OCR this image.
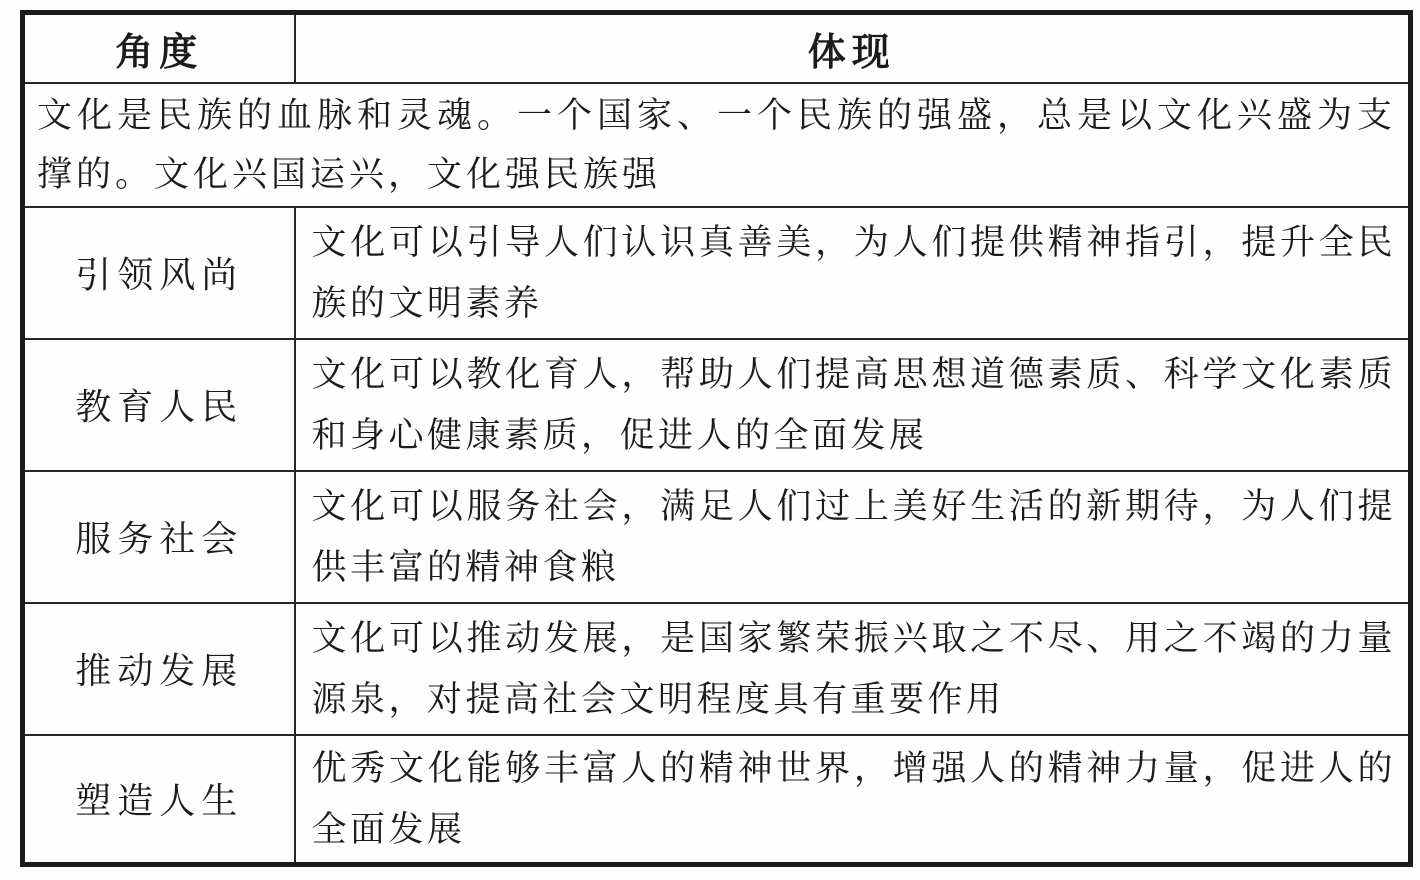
角度	体现
文化是民族的血脉和灵魂。一个国家、一个民族的强盛，总是以文化兴盛为支撑的。文化兴国运兴，文化强民族强	
引领风尚	文化可以引导人们认识真善美，为人们提供精神指引，提升全民族的文明素养
教育人民	文化可以教化育人，帮助人们提高思想道德素质、科学文化素质和身心健康素质，促进人的全面发展
服务社会	文化可以服务社会，满足人们过上美好生活的新期待，为人们提供丰富的精神食粮
推动发展	文化可以推动发展，是国家繁荣振兴取之不尽、用之不竭的力量源泉，对提高社会文明程度具有重要作用
塑造人生	优秀文化能够丰富人的精神世界，增强人的精神力量，促进人的全面发展
